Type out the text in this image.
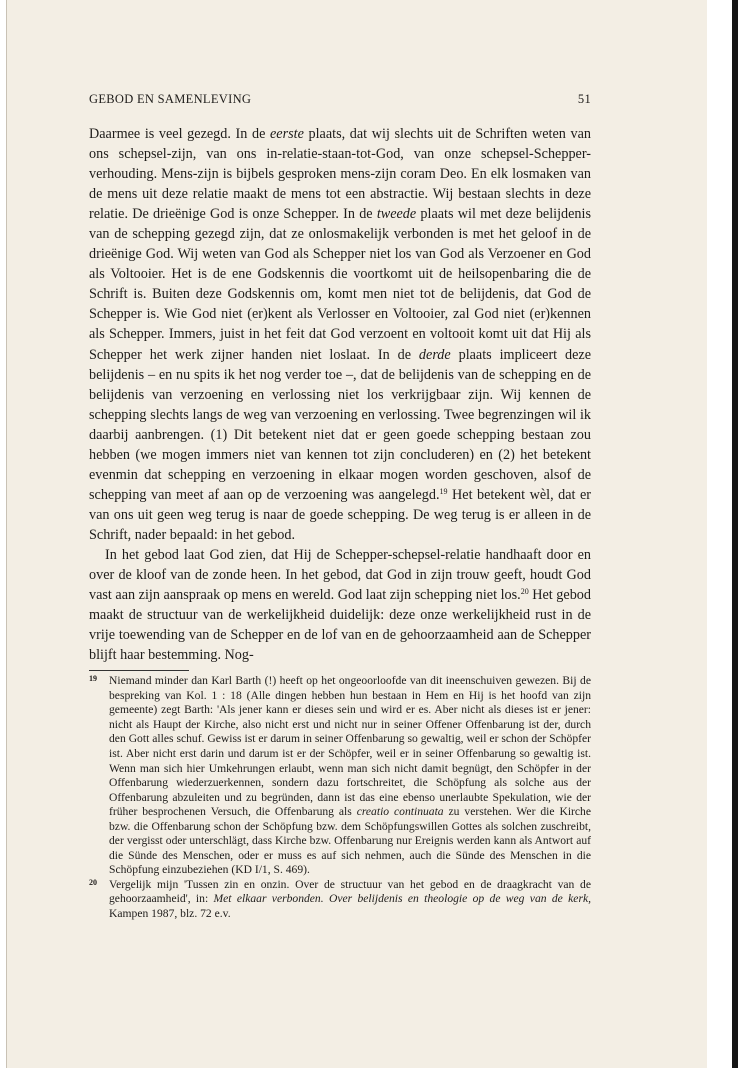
GEBOD EN SAMENLEVING	51

Daarmee is veel gezegd. In de eerste plaats, dat wij slechts uit de Schriften weten van ons schepsel-zijn, van ons in-relatie-staan-tot-God, van onze schepsel-Schepper-verhouding. Mens-zijn is bijbels gesproken mens-zijn coram Deo. En elk losmaken van de mens uit deze relatie maakt de mens tot een abstractie. Wij bestaan slechts in deze relatie. De drieënige God is onze Schepper. In de tweede plaats wil met deze belijdenis van de schepping gezegd zijn, dat ze onlosmakelijk verbonden is met het geloof in de drieënige God. Wij weten van God als Schepper niet los van God als Verzoener en God als Voltooier. Het is de ene Godskennis die voortkomt uit de heilsopenbaring die de Schrift is. Buiten deze Godskennis om, komt men niet tot de belijdenis, dat God de Schepper is. Wie God niet (er)kent als Verlosser en Voltooier, zal God niet (er)kennen als Schepper. Immers, juist in het feit dat God verzoent en voltooit komt uit dat Hij als Schepper het werk zijner handen niet loslaat. In de derde plaats impliceert deze belijdenis – en nu spits ik het nog verder toe –, dat de belijdenis van de schepping en de belijdenis van verzoening en verlossing niet los verkrijgbaar zijn. Wij kennen de schepping slechts langs de weg van verzoening en verlossing. Twee begrenzingen wil ik daarbij aanbrengen. (1) Dit betekent niet dat er geen goede schepping bestaan zou hebben (we mogen immers niet van kennen tot zijn concluderen) en (2) het betekent evenmin dat schepping en verzoening in elkaar mogen worden geschoven, alsof de schepping van meet af aan op de verzoening was aangelegd.$^{19}$ Het betekent wèl, dat er van ons uit geen weg terug is naar de goede schepping. De weg terug is er alleen in de Schrift, nader bepaald: in het gebod.

In het gebod laat God zien, dat Hij de Schepper-schepsel-relatie handhaaft door en over de kloof van de zonde heen. In het gebod, dat God in zijn trouw geeft, houdt God vast aan zijn aanspraak op mens en wereld. God laat zijn schepping niet los.$^{20}$ Het gebod maakt de structuur van de werkelijkheid duidelijk: deze onze werkelijkheid rust in de vrije toewending van de Schepper en de lof van en de gehoorzaamheid aan de Schepper blijft haar bestemming. Nog-

19 Niemand minder dan Karl Barth (!) heeft op het ongeoorloofde van dit ineenschuiven gewezen. Bij de bespreking van Kol. 1 : 18 (Alle dingen hebben hun bestaan in Hem en Hij is het hoofd van zijn gemeente) zegt Barth: 'Als jener kann er dieses sein und wird er es. Aber nicht als dieses ist er jener: nicht als Haupt der Kirche, also nicht erst und nicht nur in seiner Offener Offenbarung ist der, durch den Gott alles schuf. Gewiss ist er darum in seiner Offenbarung so gewaltig, weil er schon der Schöpfer ist. Aber nicht erst darin und darum ist er der Schöpfer, weil er in seiner Offenbarung so gewaltig ist. Wenn man sich hier Umkehrungen erlaubt, wenn man sich nicht damit begnügt, den Schöpfer in der Offenbarung wiederzuerkennen, sondern dazu fortschreitet, die Schöpfung als solche aus der Offenbarung abzuleiten und zu begründen, dann ist das eine ebenso unerlaubte Spekulation, wie der früher besprochenen Versuch, die Offenbarung als creatio continuata zu verstehen. Wer die Kirche bzw. die Offenbarung schon der Schöpfung bzw. dem Schöpfungswillen Gottes als solchen zuschreibt, der vergisst oder unterschlägt, dass Kirche bzw. Offenbarung nur Ereignis werden kann als Antwort auf die Sünde des Menschen, oder er muss es auf sich nehmen, auch die Sünde des Menschen in die Schöpfung einzubeziehen (KD I/1, S. 469).
20 Vergelijk mijn 'Tussen zin en onzin. Over de structuur van het gebod en de draagkracht van de gehoorzaamheid', in: Met elkaar verbonden. Over belijdenis en theologie op de weg van de kerk, Kampen 1987, blz. 72 e.v.
